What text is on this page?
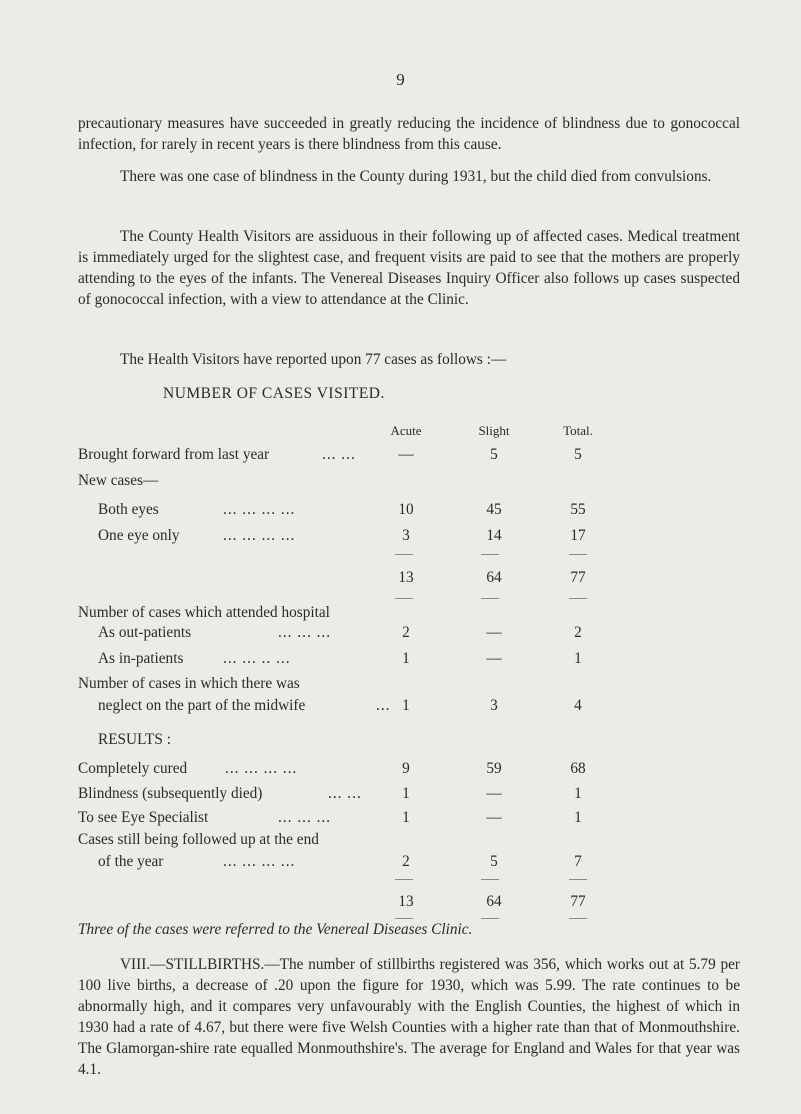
9

precautionary measures have succeeded in greatly reducing the incidence of blindness due to gonococcal infection, for rarely in recent years is there blindness from this cause.

There was one case of blindness in the County during 1931, but the child died from convulsions.

The County Health Visitors are assiduous in their following up of affected cases. Medical treatment is immediately urged for the slightest case, and frequent visits are paid to see that the mothers are properly attending to the eyes of the infants. The Venereal Diseases Inquiry Officer also follows up cases suspected of gonococcal infection, with a view to attendance at the Clinic.

The Health Visitors have reported upon 77 cases as follows :—

NUMBER OF CASES VISITED.
Acute	Slight	Total.
Brought forward from last year	... ...	—	5	5
New cases—
Both eyes	... ... ... ...	10	45	55
One eye only	... ... ... ...	3	14	17
13	64	77
Number of cases which attended hospital
As out-patients	... ... ...	2	—	2
As in-patients	... ... .. ...	1	—	1
Number of cases in which there was
neglect on the part of the midwife	... 1	3	4
RESULTS :
Completely cured ... ... ... ...	9	59	68
Blindness (subsequently died)	... ...	1	—	1
To see Eye Specialist	... ... ...	1	—	1
Cases still being followed up at the end
of the year	... ... ... ...	2	5	7
13	64	77

Three of the cases were referred to the Venereal Diseases Clinic.

VIII.—STILLBIRTHS.—The number of stillbirths registered was 356, which works out at 5.79 per 100 live births, a decrease of .20 upon the figure for 1930, which was 5.99. The rate continues to be abnormally high, and it compares very unfavourably with the English Counties, the highest of which in 1930 had a rate of 4.67, but there were five Welsh Counties with a higher rate than that of Monmouthshire. The Glamorgan-shire rate equalled Monmouthshire's. The average for England and Wales for that year was 4.1.
